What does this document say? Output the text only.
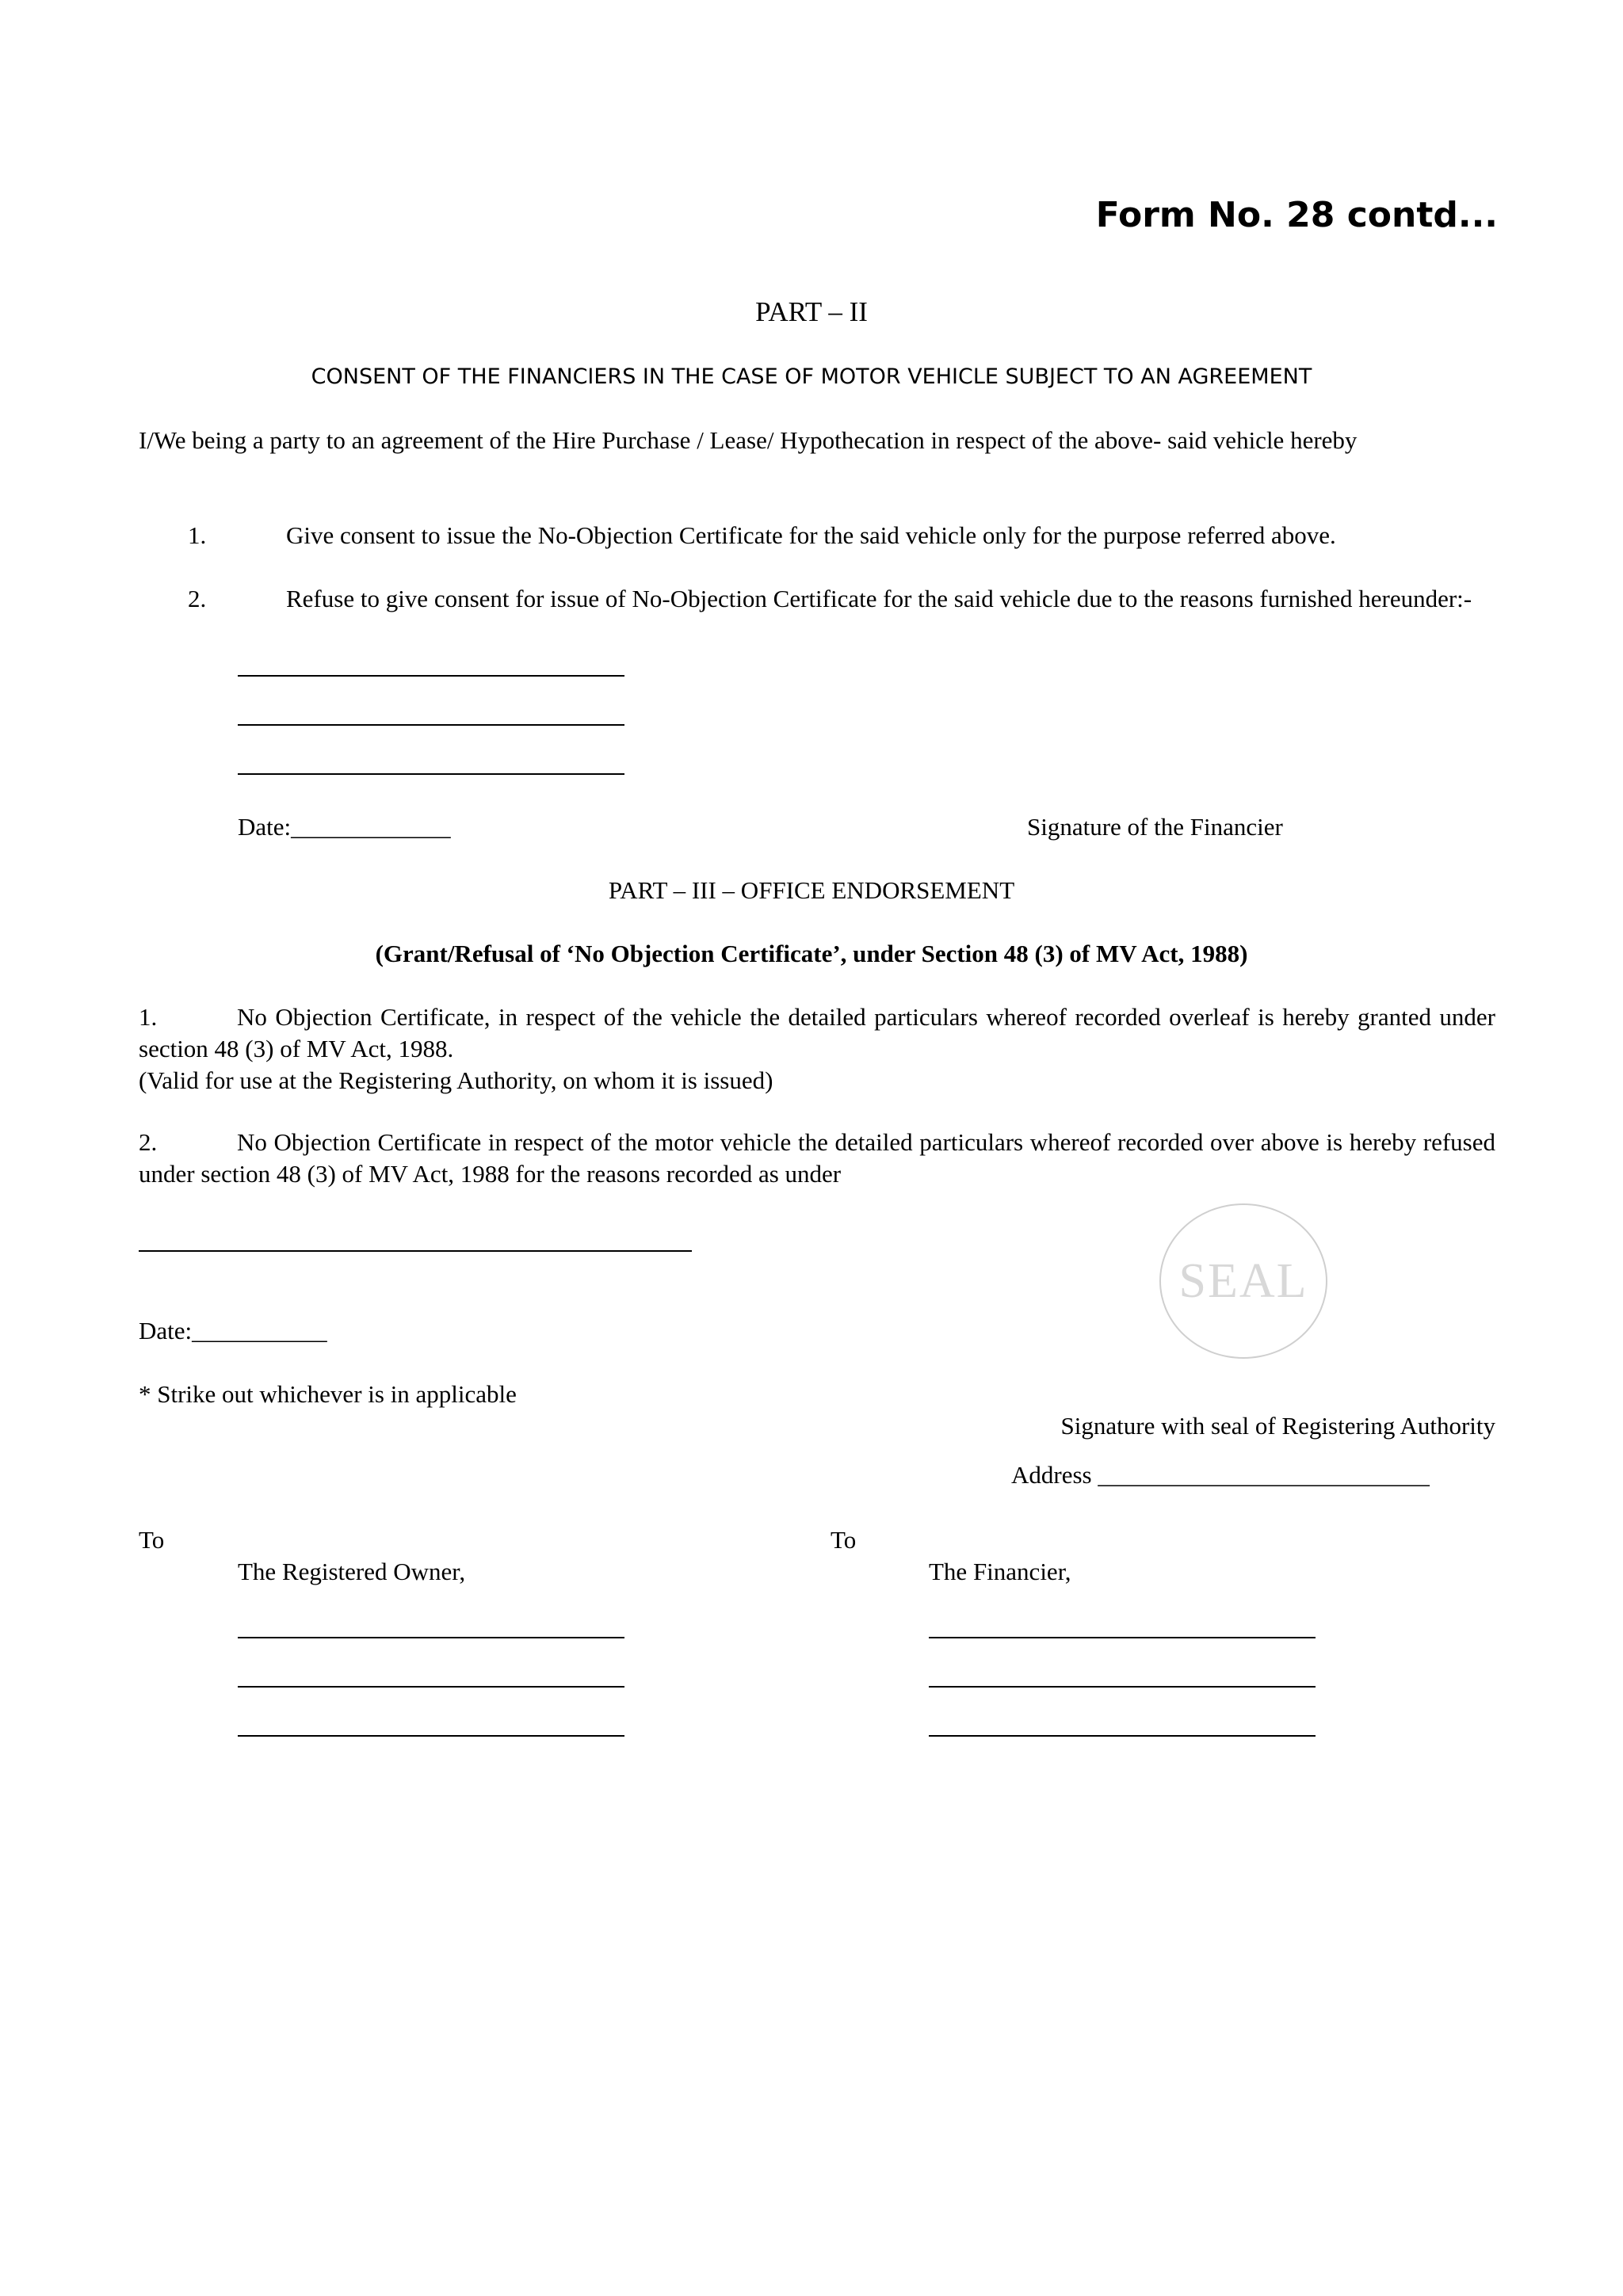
Form No. 28 contd...
PART – II
CONSENT OF THE FINANCIERS IN THE CASE OF MOTOR VEHICLE SUBJECT TO AN AGREEMENT
I/We being a party to an agreement of the Hire Purchase / Lease/ Hypothecation in respect of the above- said vehicle hereby
1.	Give consent to issue the No-Objection Certificate for the said vehicle only for the purpose referred above.
2.	Refuse to give consent for issue of No-Objection Certificate for the said vehicle due to the reasons furnished hereunder:-
Date:_____________	Signature of the Financier
PART – III – OFFICE ENDORSEMENT
(Grant/Refusal of ‘No Objection Certificate’, under Section 48 (3) of MV Act, 1988)
1.	No Objection Certificate, in respect of the vehicle the detailed particulars whereof recorded overleaf is hereby granted under section 48 (3) of MV Act, 1988.
(Valid for use at the Registering Authority, on whom it is issued)
2.	No Objection Certificate in respect of the motor vehicle the detailed particulars whereof recorded over above is hereby refused under section 48 (3) of MV Act, 1988 for the reasons recorded as under
SEAL
Date:___________
* Strike out whichever is in applicable
Signature with seal of Registering Authority
Address ___________________________
To
The Registered Owner,
To
The Financier,
